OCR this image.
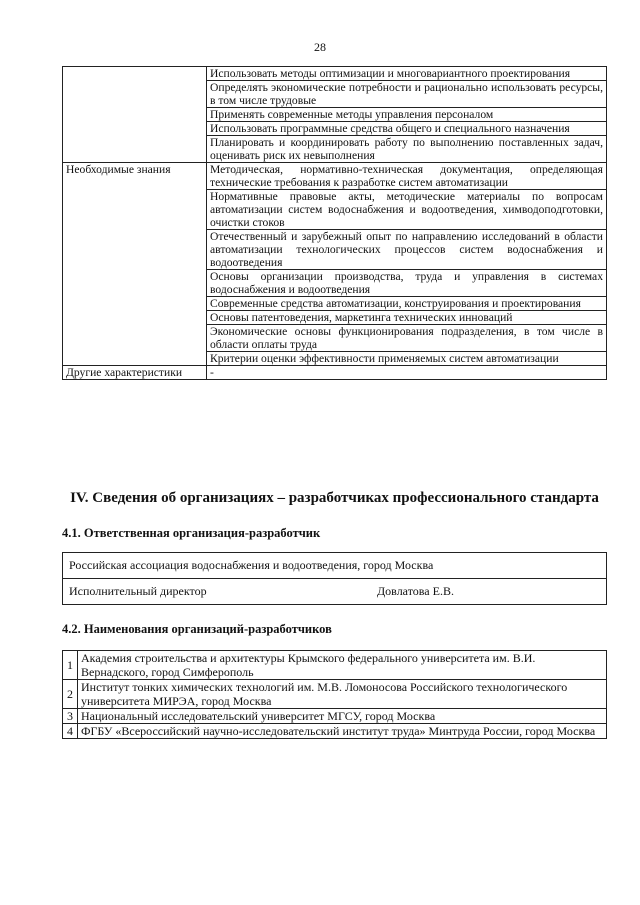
28
	Использовать методы оптимизации и многовариантного проектирования
	Определять экономические потребности и рационально использовать ресурсы, в том числе трудовые
	Применять современные методы управления персоналом
	Использовать программные средства общего и специального назначения
	Планировать и координировать работу по выполнению поставленных задач, оценивать риск их невыполнения
Необходимые знания	Методическая, нормативно-техническая документация, определяющая технические требования к разработке систем автоматизации
	Нормативные правовые акты, методические материалы по вопросам автоматизации систем водоснабжения и водоотведения, химводоподготовки, очистки стоков
	Отечественный и зарубежный опыт по направлению исследований в области автоматизации технологических процессов систем водоснабжения и водоотведения
	Основы организации производства, труда и управления в системах водоснабжения и водоотведения
	Современные средства автоматизации, конструирования и проектирования
	Основы патентоведения, маркетинга технических инноваций
	Экономические основы функционирования подразделения, в том числе в области оплаты труда
	Критерии оценки эффективности применяемых систем автоматизации
Другие характеристики	-
IV. Сведения об организациях – разработчиках профессионального стандарта
4.1. Ответственная организация-разработчик
Российская ассоциация водоснабжения и водоотведения, город Москва
Исполнительный директор	Довлатова Е.В.
4.2. Наименования организаций-разработчиков
1	Академия строительства и архитектуры Крымского федерального университета им. В.И. Вернадского, город Симферополь
2	Институт тонких химических технологий им. М.В. Ломоносова Российского технологического университета МИРЭА, город Москва
3	Национальный исследовательский университет МГСУ, город Москва
4	ФГБУ «Всероссийский научно-исследовательский институт труда» Минтруда России, город Москва
